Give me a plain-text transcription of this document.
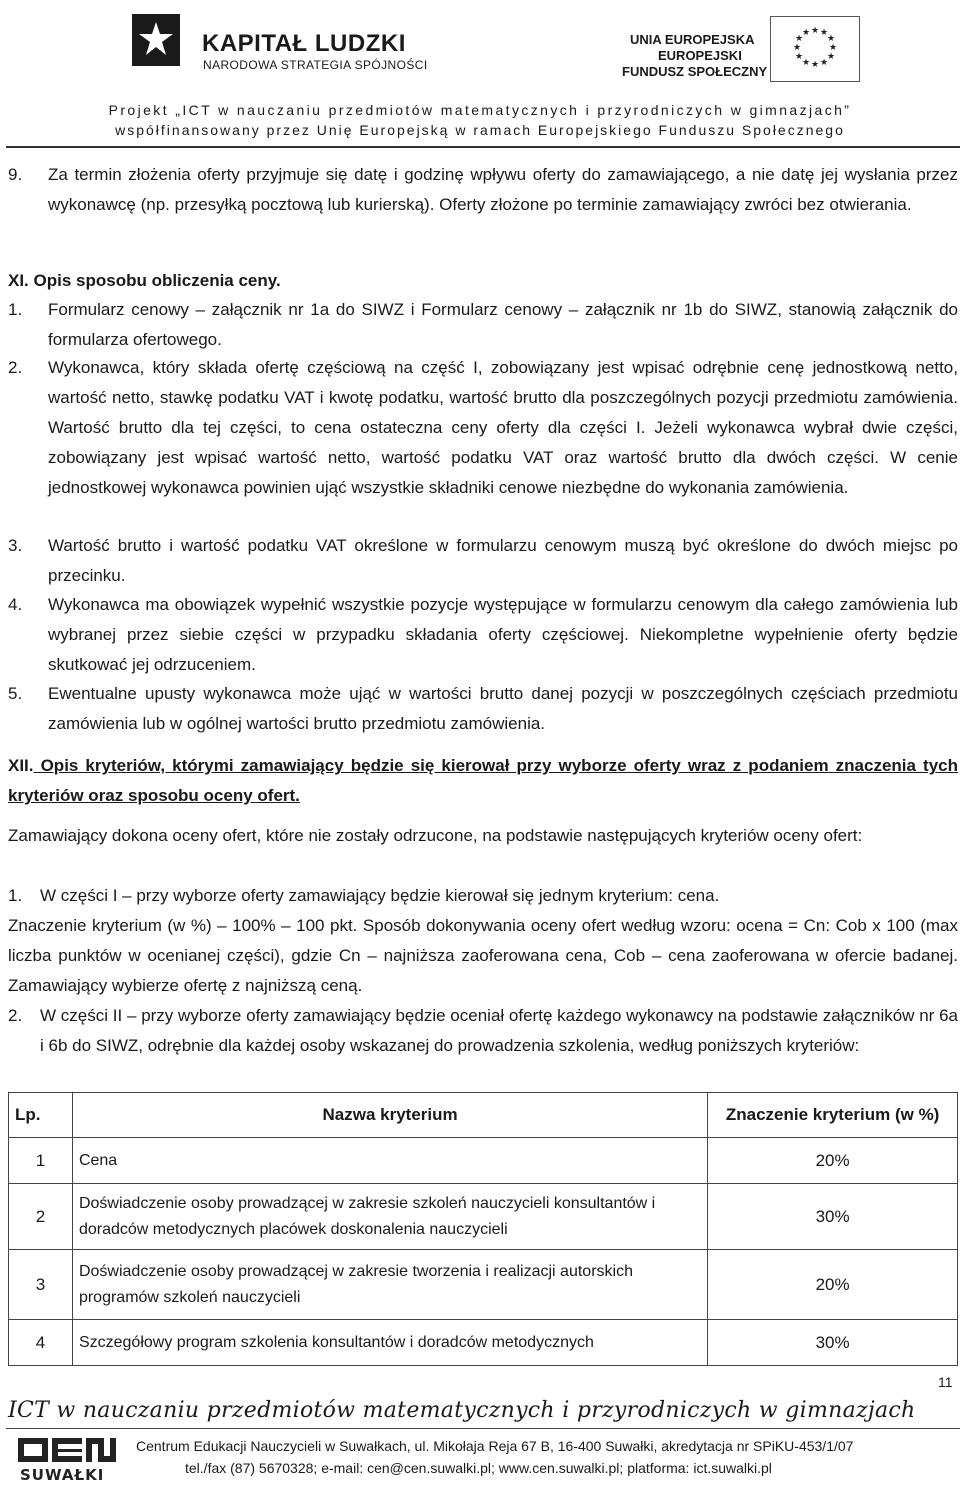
KAPITAŁ LUDZKI
NARODOWA STRATEGIA SPÓJNOŚCI
UNIA EUROPEJSKA
EUROPEJSKI
FUNDUSZ SPOŁECZNY
★ ★
★
★
★
★
★
★
★
★
★
★
Projekt „ICT w nauczaniu przedmiotów matematycznych i przyrodniczych w gimnazjach”
współfinansowany przez Unię Europejską w ramach Europejskiego Funduszu Społecznego
9. Za termin złożenia oferty przyjmuje się datę i godzinę wpływu oferty do zamawiającego, a nie datę jej wysłania przez wykonawcę (np. przesyłką pocztową lub kurierską). Oferty złożone po terminie zamawiający zwróci bez otwierania.
XI. Opis sposobu obliczenia ceny.
1. Formularz cenowy – załącznik nr 1a do SIWZ i Formularz cenowy – załącznik nr 1b do SIWZ, stanowią załącznik do formularza ofertowego.
2. Wykonawca, który składa ofertę częściową na część I, zobowiązany jest wpisać odrębnie cenę jednostkową netto, wartość netto, stawkę podatku VAT i kwotę podatku, wartość brutto dla poszczególnych pozycji przedmiotu zamówienia. Wartość brutto dla tej części, to cena ostateczna ceny oferty dla części I. Jeżeli wykonawca wybrał dwie części, zobowiązany jest wpisać wartość netto, wartość podatku VAT oraz wartość brutto dla dwóch części. W cenie jednostkowej wykonawca powinien ująć wszystkie składniki cenowe niezbędne do wykonania zamówienia.
3. Wartość brutto i wartość podatku VAT określone w formularzu cenowym muszą być określone do dwóch miejsc po przecinku.
4. Wykonawca ma obowiązek wypełnić wszystkie pozycje występujące w formularzu cenowym dla całego zamówienia lub wybranej przez siebie części w przypadku składania oferty częściowej. Niekompletne wypełnienie oferty będzie skutkować jej odrzuceniem.
5. Ewentualne upusty wykonawca może ująć w wartości brutto danej pozycji w poszczególnych częściach przedmiotu zamówienia lub w ogólnej wartości brutto przedmiotu zamówienia.
XII. Opis kryteriów, którymi zamawiający będzie się kierował przy wyborze oferty wraz z podaniem znaczenia tych kryteriów oraz sposobu oceny ofert.
Zamawiający dokona oceny ofert, które nie zostały odrzucone, na podstawie następujących kryteriów oceny ofert:
1. W części I – przy wyborze oferty zamawiający będzie kierował się jednym kryterium: cena.
Znaczenie kryterium (w %) – 100% – 100 pkt. Sposób dokonywania oceny ofert według wzoru: ocena = Cn: Cob x 100 (max liczba punktów w ocenianej części), gdzie Cn – najniższa zaoferowana cena, Cob – cena zaoferowana w ofercie badanej. Zamawiający wybierze ofertę z najniższą ceną.
2. W części II – przy wyborze oferty zamawiający będzie oceniał ofertę każdego wykonawcy na podstawie załączników nr 6a i 6b do SIWZ, odrębnie dla każdej osoby wskazanej do prowadzenia szkolenia, według poniższych kryteriów:
Lp.	Nazwa kryterium	Znaczenie kryterium (w %)
1	Cena	20%
2	Doświadczenie osoby prowadzącej w zakresie szkoleń nauczycieli konsultantów i doradców metodycznych placówek doskonalenia nauczycieli	30%
3	Doświadczenie osoby prowadzącej w zakresie tworzenia i realizacji autorskich programów szkoleń nauczycieli	20%
4	Szczegółowy program szkolenia konsultantów i doradców metodycznych	30%
11
ICT w nauczaniu przedmiotów matematycznych i przyrodniczych w gimnazjach
SUWAŁKI
Centrum Edukacji Nauczycieli w Suwałkach, ul. Mikołaja Reja 67 B, 16-400 Suwałki, akredytacja nr SPiKU-453/1/07
tel./fax (87) 5670328; e-mail: cen@cen.suwalki.pl; www.cen.suwalki.pl; platforma: ict.suwalki.pl
